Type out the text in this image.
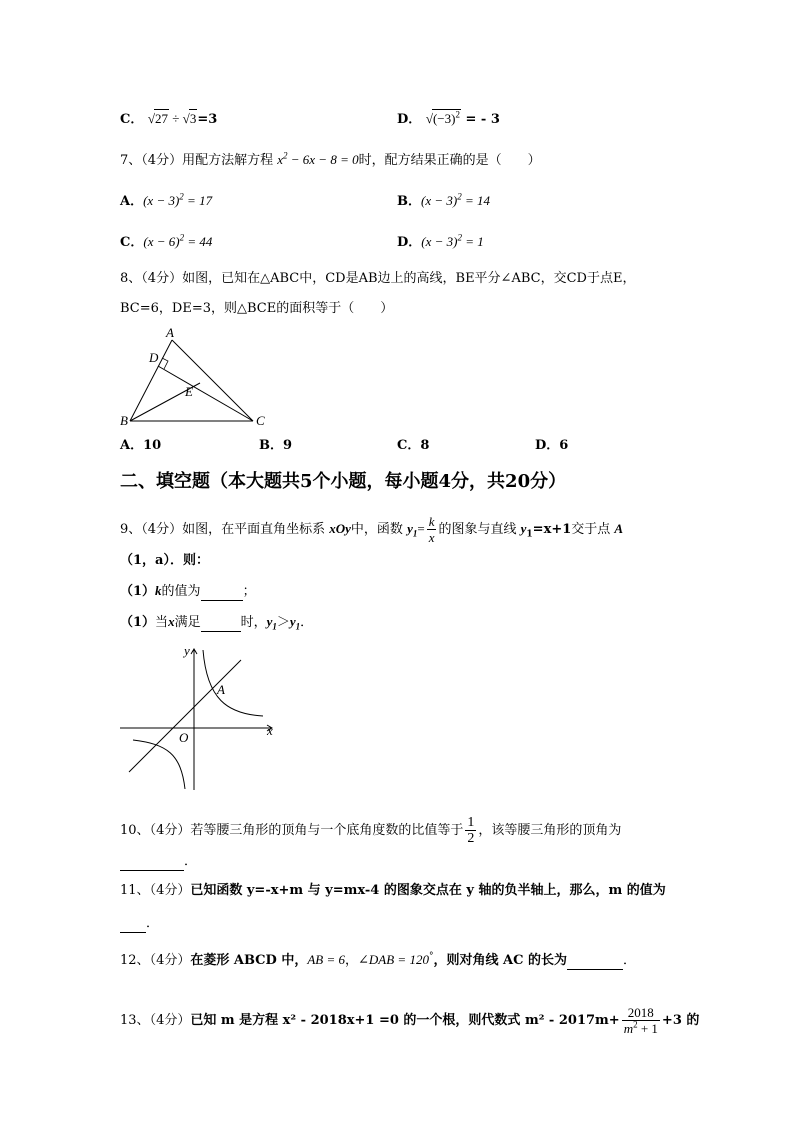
C． √27 ÷ √3=3	D． $√(-3)^2$ = - 3
7、（4分）用配方法解方程 $x^2 - 6x - 8 = 0$时，配方结果正确的是（　　）
A．$(x - 3)^2 = 17$	B．$(x - 3)^2 = 14$
C．$(x - 6)^2 = 44$	D．$(x - 3)^2 = 1$
8、（4分）如图，已知在△ABC中，CD是AB边上的高线，BE平分∠ABC，交CD于点E，
BC=6，DE=3，则△BCE的面积等于（　　）
A
D
E
B	C
A．10	B．9	C．8	D．6
二、填空题（本大题共5个小题，每小题4分，共20分）
9、（4分）如图，在平面直角坐标系 xOy中，函数 $y_1= \frac{k}{x}$ 的图象与直线 $y_1=x+1$交于点 A
（1，a）．则：
（1）k的值为	；
（1）当x满足	时，$y_1>y_1$．
y
x
O
A
10、（4分）若等腰三角形的顶角与一个底角度数的比值等于 $\frac{1}{2}$ ，该等腰三角形的顶角为
．
11、（4分）已知函数 y=-x+m 与 y=mx-4 的图象交点在 y 轴的负半轴上，那么，m 的值为
．
12、（4分）在菱形 ABCD 中，AB = 6，∠DAB = 120°，则对角线 AC 的长为	．
13、（4分）已知 m 是方程 x² - 2018x+1 =0 的一个根，则代数式 $m^2 - 2017m+ \frac{2018}{m^2 + 1} +3$ 的
